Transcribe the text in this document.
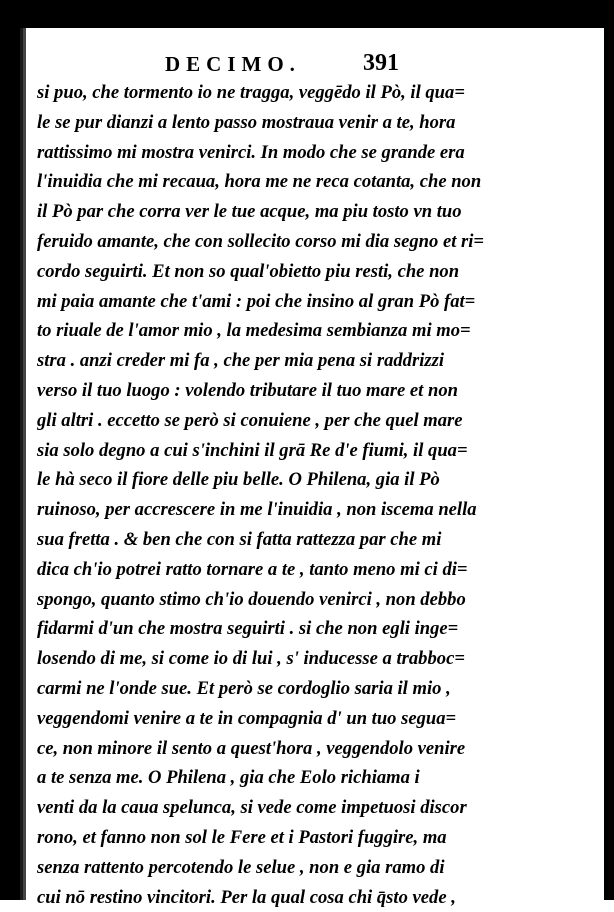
DECIMO.	391
si puo, che tormento io ne tragga, veggēdo il Pò, il qua=
le se pur dianzi a lento passo mostraua venir a te, hora
rattissimo mi mostra venirci. In modo che se grande era
l'inuidia che mi recaua, hora me ne reca cotanta, che non
il Pò par che corra ver le tue acque, ma piu tosto vn tuo
feruido amante, che con sollecito corso mi dia segno et ri=
cordo seguirti. Et non so qual'obietto piu resti, che non
mi paia amante che t'ami : poi che insino al gran Pò fat=
to riuale de l'amor mio , la medesima sembianza mi mo=
stra . anzi creder mi fa , che per mia pena si raddrizzi
verso il tuo luogo : volendo tributare il tuo mare et non
gli altri . eccetto se però si conuiene , per che quel mare
sia solo degno a cui s'inchini il grā Re d'e fiumi, il qua=
le hà seco il fiore delle piu belle. O Philena, gia il Pò
ruinoso, per accrescere in me l'inuidia , non iscema nella
sua fretta . & ben che con si fatta rattezza par che mi
dica ch'io potrei ratto tornare a te , tanto meno mi ci di=
spongo, quanto stimo ch'io douendo venirci , non debbo
fidarmi d'un che mostra seguirti . si che non egli inge=
losendo di me, si come io di lui , s' inducesse a trabboc=
carmi ne l'onde sue. Et però se cordoglio saria il mio ,
veggendomi venire a te in compagnia d' un tuo segua=
ce, non minore il sento a quest'hora , veggendolo venire
a te senza me. O Philena , gia che Eolo richiama i
venti da la caua spelunca, si vede come impetuosi discor
rono, et fanno non sol le Fere et i Pastori fuggire, ma
senza rattento percotendo le selue , non e gia ramo di
cui nō restino vincitori. Per la qual cosa chi q̄sto vede ,
